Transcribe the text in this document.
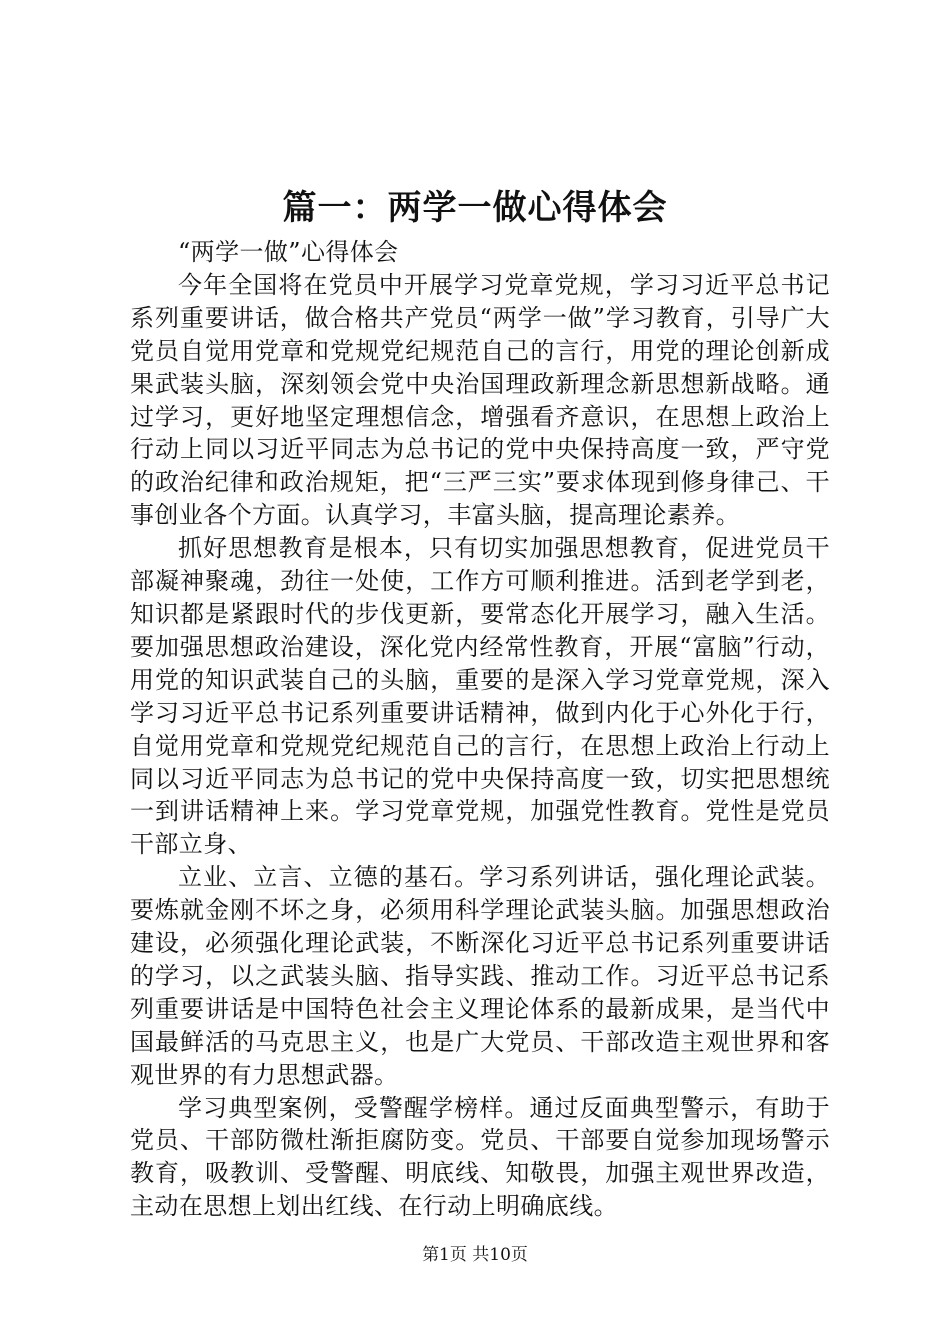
篇一：两学一做心得体会

“两学一做”心得体会

今年全国将在党员中开展学习党章党规，学习习近平总书记系列重要讲话，做合格共产党员“两学一做”学习教育，引导广大党员自觉用党章和党规党纪规范自己的言行，用党的理论创新成果武装头脑，深刻领会党中央治国理政新理念新思想新战略。通过学习，更好地坚定理想信念，增强看齐意识，在思想上政治上行动上同以习近平同志为总书记的党中央保持高度一致，严守党的政治纪律和政治规矩，把“三严三实”要求体现到修身律己、干事创业各个方面。认真学习，丰富头脑，提高理论素养。

抓好思想教育是根本，只有切实加强思想教育，促进党员干部凝神聚魂，劲往一处使，工作方可顺利推进。活到老学到老，知识都是紧跟时代的步伐更新，要常态化开展学习，融入生活。要加强思想政治建设，深化党内经常性教育，开展“富脑”行动，用党的知识武装自己的头脑，重要的是深入学习党章党规，深入学习习近平总书记系列重要讲话精神，做到内化于心外化于行，自觉用党章和党规党纪规范自己的言行，在思想上政治上行动上同以习近平同志为总书记的党中央保持高度一致，切实把思想统一到讲话精神上来。学习党章党规，加强党性教育。党性是党员干部立身、

立业、立言、立德的基石。学习系列讲话，强化理论武装。要炼就金刚不坏之身，必须用科学理论武装头脑。加强思想政治建设，必须强化理论武装，不断深化习近平总书记系列重要讲话的学习，以之武装头脑、指导实践、推动工作。习近平总书记系列重要讲话是中国特色社会主义理论体系的最新成果，是当代中国最鲜活的马克思主义，也是广大党员、干部改造主观世界和客观世界的有力思想武器。

学习典型案例，受警醒学榜样。通过反面典型警示，有助于党员、干部防微杜渐拒腐防变。党员、干部要自觉参加现场警示教育，吸教训、受警醒、明底线、知敬畏，加强主观世界改造，主动在思想上划出红线、在行动上明确底线。

第1页 共10页
